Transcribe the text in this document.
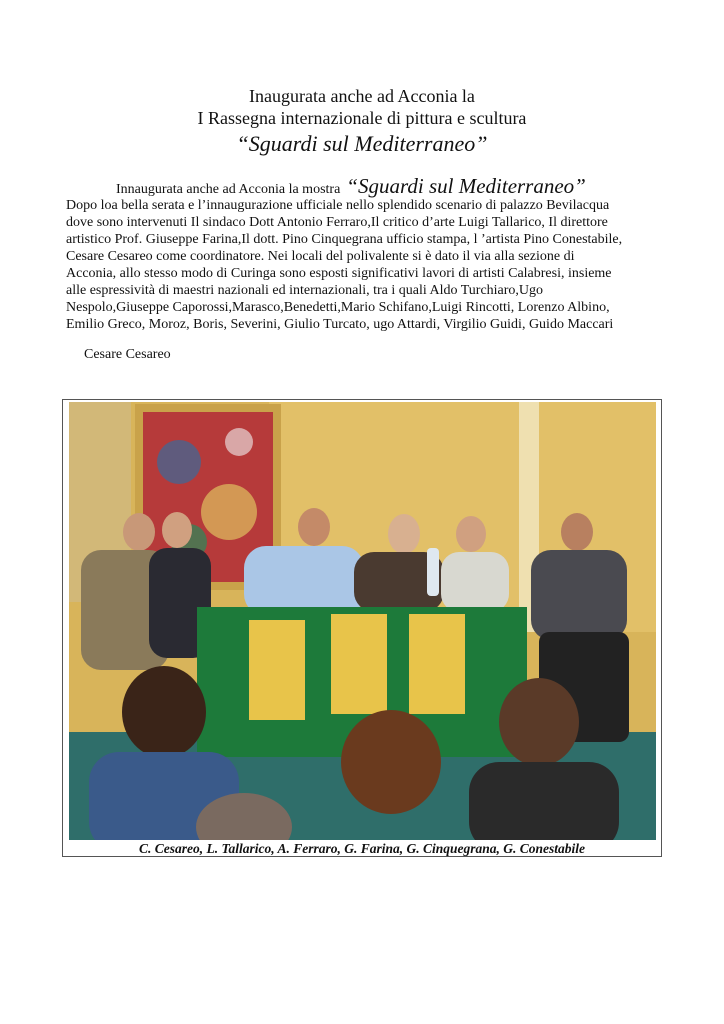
Inaugurata anche ad Acconia la
I Rassegna internazionale di pittura e scultura
“Sguardi sul Mediterraneo”
Innaugurata anche ad Acconia la mostra “Sguardi sul Mediterraneo”
Dopo loa bella serata e l’innaugurazione ufficiale nello splendido scenario di palazzo Bevilacqua
dove sono intervenuti Il sindaco Dott Antonio Ferraro,Il critico d’arte Luigi Tallarico, Il direttore
artistico Prof. Giuseppe Farina,Il dott. Pino Cinquegrana ufficio stampa, l ’artista Pino Conestabile,
Cesare Cesareo come coordinatore. Nei locali del polivalente si è dato il via alla sezione di
Acconia, allo stesso modo di Curinga sono esposti significativi lavori di artisti Calabresi, insieme
alle espressività di maestri nazionali ed internazionali, tra i quali Aldo Turchiaro,Ugo
Nespolo,Giuseppe Caporossi,Marasco,Benedetti,Mario Schifano,Luigi Rincotti, Lorenzo Albino,
Emilio Greco, Moroz, Boris, Severini, Giulio Turcato, ugo Attardi, Virgilio Guidi, Guido Maccari
Cesare Cesareo
C. Cesareo, L. Tallarico, A. Ferraro, G. Farina, G. Cinquegrana, G. Conestabile
